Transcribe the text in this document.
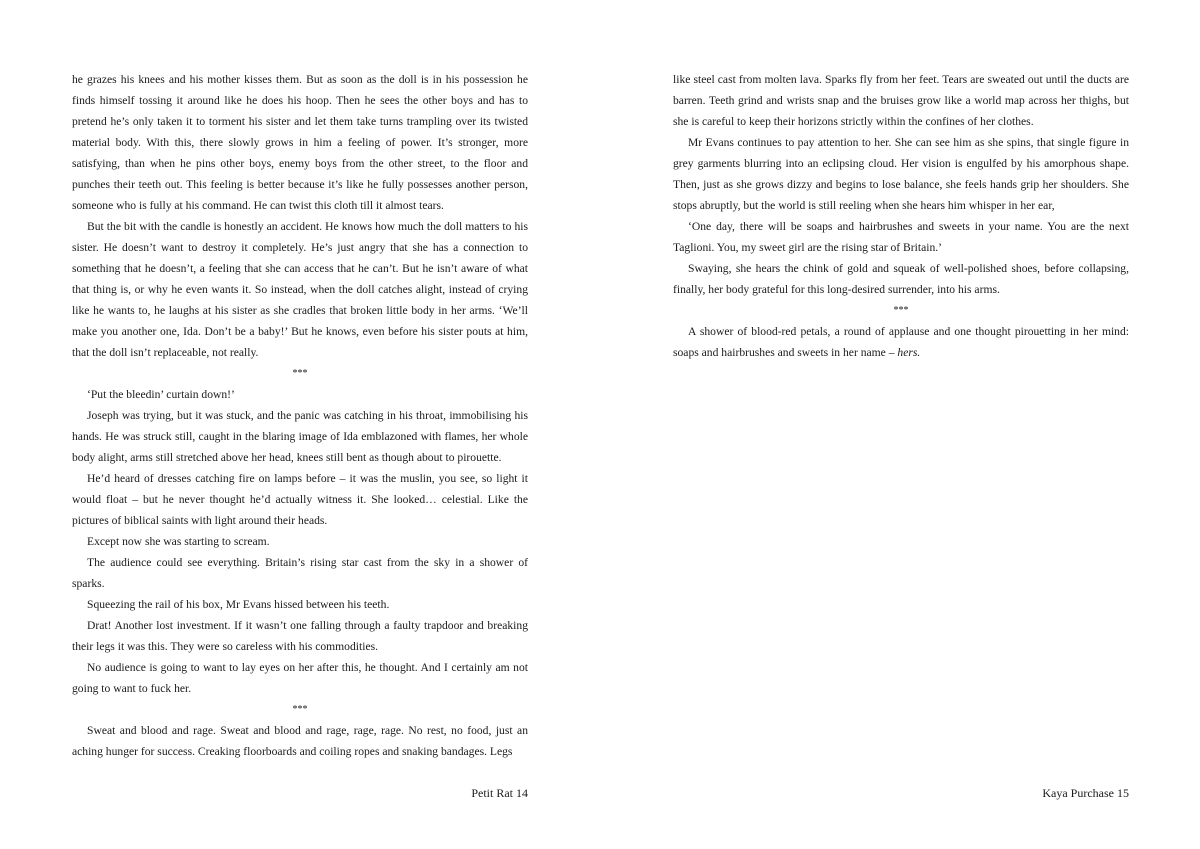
he grazes his knees and his mother kisses them. But as soon as the doll is in his possession he finds himself tossing it around like he does his hoop. Then he sees the other boys and has to pretend he’s only taken it to torment his sister and let them take turns trampling over its twisted material body. With this, there slowly grows in him a feeling of power. It’s stronger, more satisfying, than when he pins other boys, enemy boys from the other street, to the floor and punches their teeth out. This feeling is better because it’s like he fully possesses another person, someone who is fully at his command. He can twist this cloth till it almost tears.

But the bit with the candle is honestly an accident. He knows how much the doll matters to his sister. He doesn’t want to destroy it completely. He’s just angry that she has a connection to something that he doesn’t, a feeling that she can access that he can’t. But he isn’t aware of what that thing is, or why he even wants it. So instead, when the doll catches alight, instead of crying like he wants to, he laughs at his sister as she cradles that broken little body in her arms. ‘We’ll make you another one, Ida. Don’t be a baby!’ But he knows, even before his sister pouts at him, that the doll isn’t replaceable, not really.

***

‘Put the bleedin’ curtain down!’

Joseph was trying, but it was stuck, and the panic was catching in his throat, immobilising his hands. He was struck still, caught in the blaring image of Ida emblazoned with flames, her whole body alight, arms still stretched above her head, knees still bent as though about to pirouette.

He’d heard of dresses catching fire on lamps before – it was the muslin, you see, so light it would float – but he never thought he’d actually witness it. She looked… celestial. Like the pictures of biblical saints with light around their heads.

Except now she was starting to scream.

The audience could see everything. Britain’s rising star cast from the sky in a shower of sparks.

Squeezing the rail of his box, Mr Evans hissed between his teeth.

Drat! Another lost investment. If it wasn’t one falling through a faulty trapdoor and breaking their legs it was this. They were so careless with his commodities.

No audience is going to want to lay eyes on her after this, he thought. And I certainly am not going to want to fuck her.

***

Sweat and blood and rage. Sweat and blood and rage, rage, rage. No rest, no food, just an aching hunger for success. Creaking floorboards and coiling ropes and snaking bandages. Legs

Petit Rat 14

like steel cast from molten lava. Sparks fly from her feet. Tears are sweated out until the ducts are barren. Teeth grind and wrists snap and the bruises grow like a world map across her thighs, but she is careful to keep their horizons strictly within the confines of her clothes.

Mr Evans continues to pay attention to her. She can see him as she spins, that single figure in grey garments blurring into an eclipsing cloud. Her vision is engulfed by his amorphous shape. Then, just as she grows dizzy and begins to lose balance, she feels hands grip her shoulders. She stops abruptly, but the world is still reeling when she hears him whisper in her ear,

‘One day, there will be soaps and hairbrushes and sweets in your name. You are the next Taglioni. You, my sweet girl are the rising star of Britain.’

Swaying, she hears the chink of gold and squeak of well-polished shoes, before collapsing, finally, her body grateful for this long-desired surrender, into his arms.

***

A shower of blood-red petals, a round of applause and one thought pirouetting in her mind: soaps and hairbrushes and sweets in her name – hers.

Kaya Purchase 15
